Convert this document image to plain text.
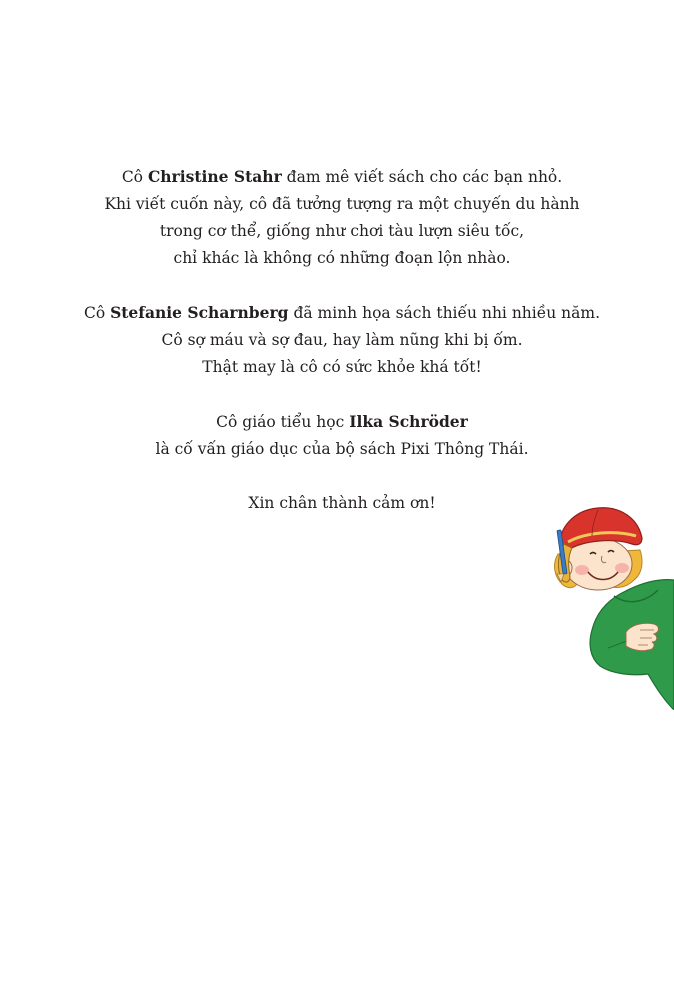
Cô Christine Stahr đam mê viết sách cho các bạn nhỏ.
Khi viết cuốn này, cô đã tưởng tượng ra một chuyến du hành
trong cơ thể, giống như chơi tàu lượn siêu tốc,
chỉ khác là không có những đoạn lộn nhào.

Cô Stefanie Scharnberg đã minh họa sách thiếu nhi nhiều năm.
Cô sợ máu và sợ đau, hay làm nũng khi bị ốm.
Thật may là cô có sức khỏe khá tốt!

Cô giáo tiểu học Ilka Schröder
là cố vấn giáo dục của bộ sách Pixi Thông Thái.

Xin chân thành cảm ơn!
